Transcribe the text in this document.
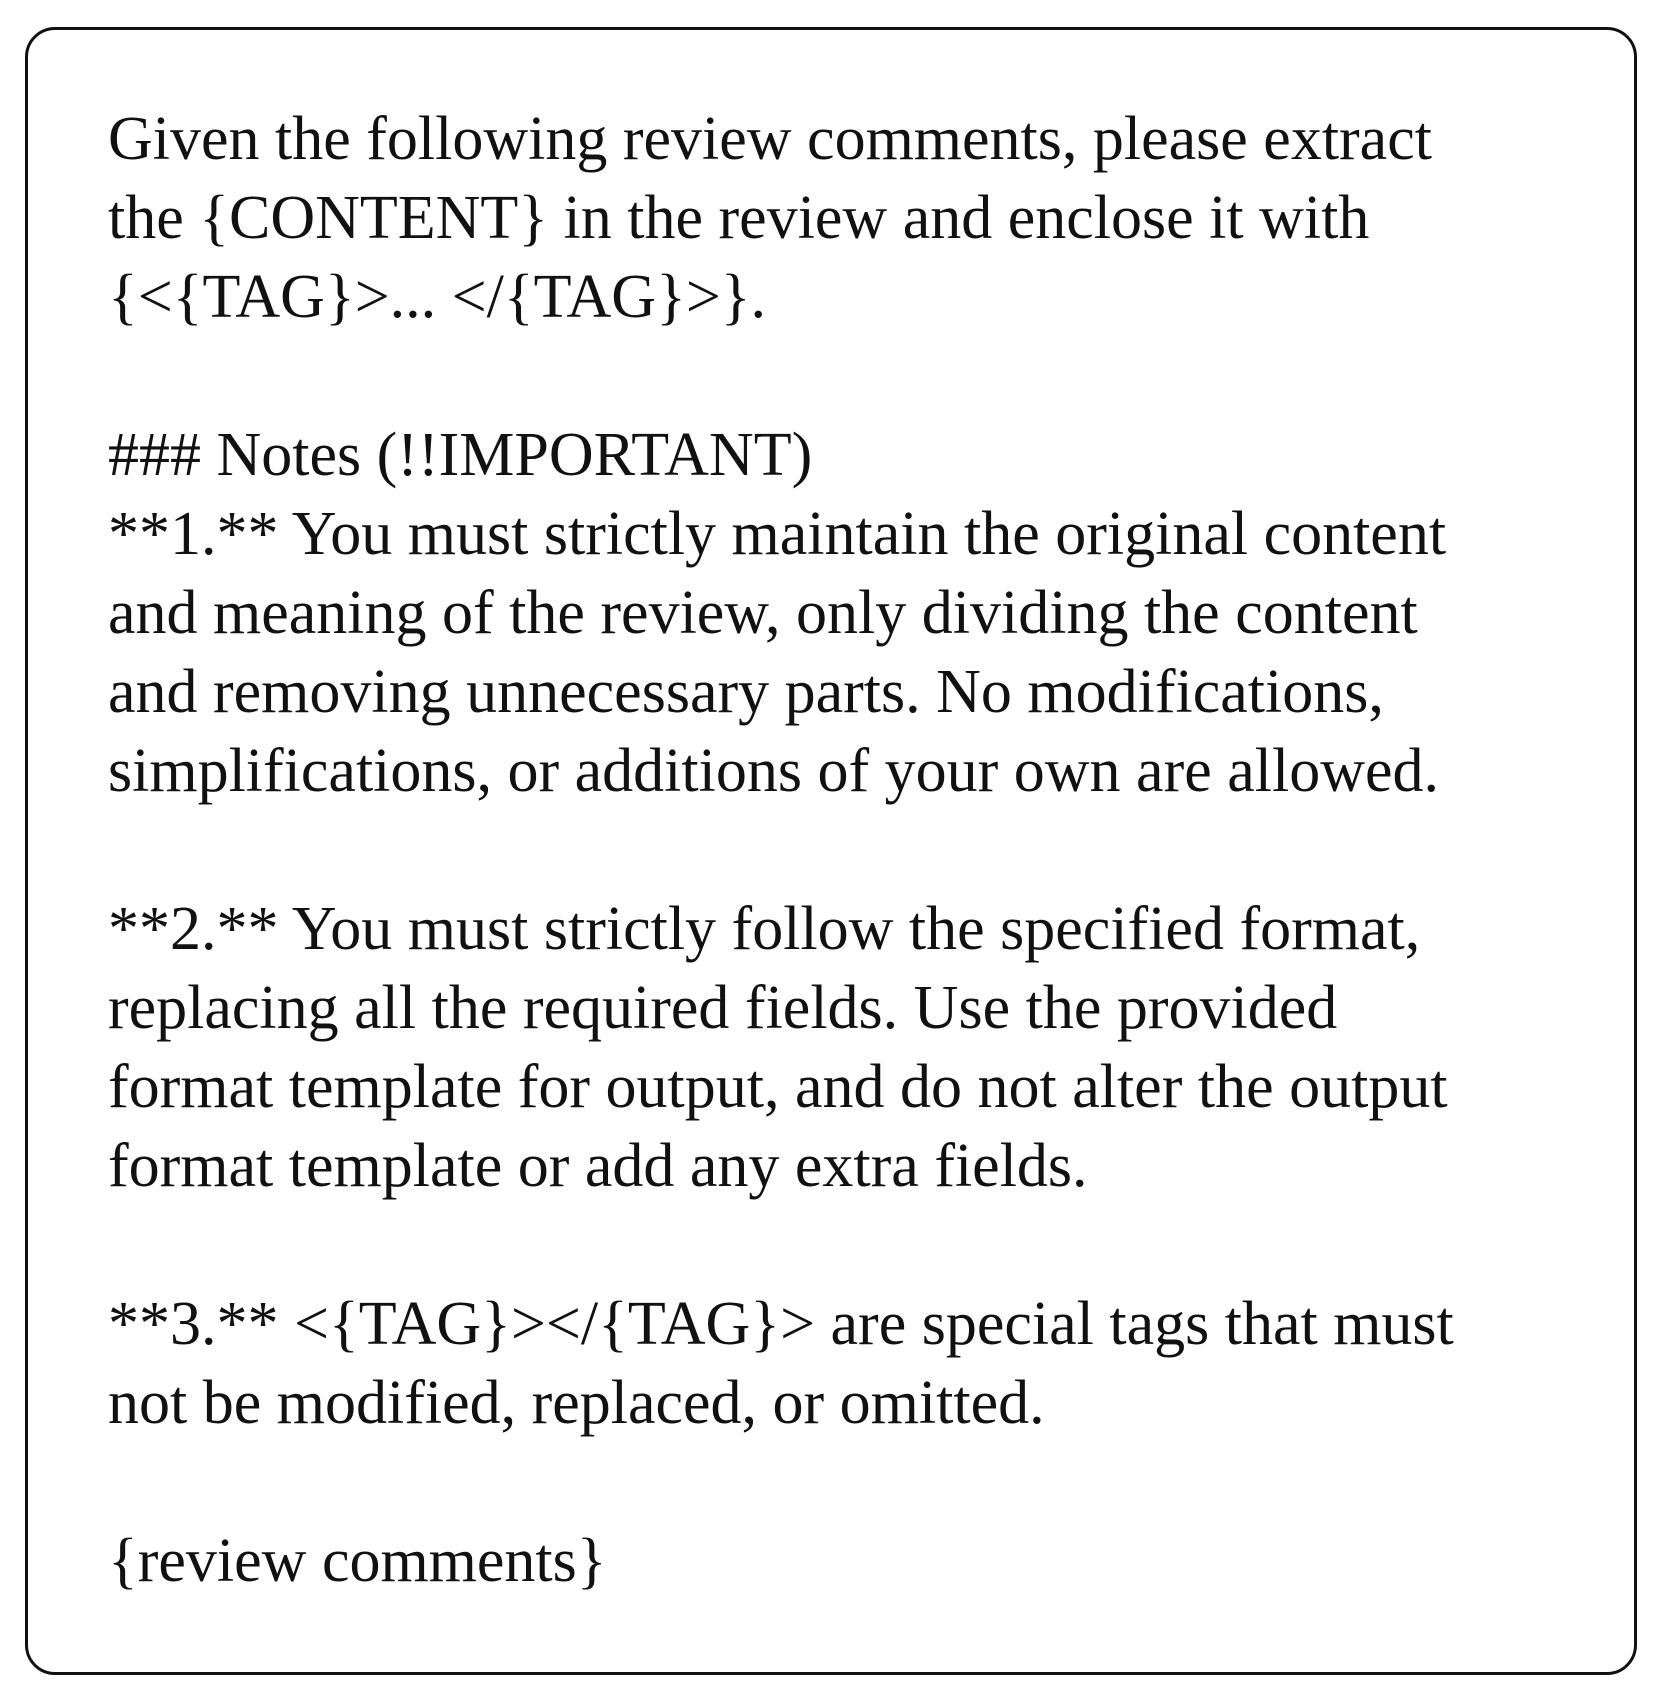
Given the following review comments, please extract
the {CONTENT} in the review and enclose it with
{<{TAG}>... </{TAG}>}.
### Notes (!!IMPORTANT)
**1.** You must strictly maintain the original content
and meaning of the review, only dividing the content
and removing unnecessary parts. No modifications,
simplifications, or additions of your own are allowed.
**2.** You must strictly follow the specified format,
replacing all the required fields. Use the provided
format template for output, and do not alter the output
format template or add any extra fields.
**3.** <{TAG}></{TAG}> are special tags that must
not be modified, replaced, or omitted.
{review comments}
